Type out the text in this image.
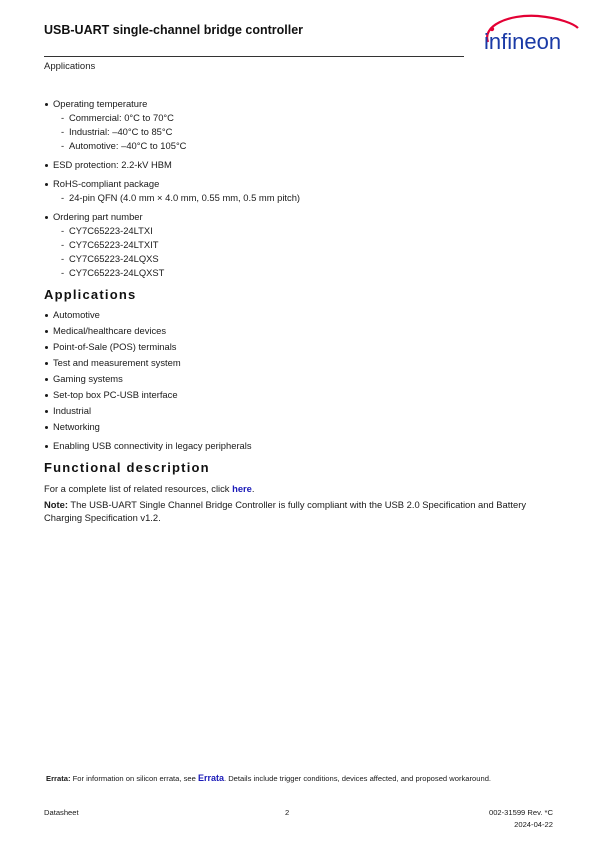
USB-UART single-channel bridge controller	infineon
Applications
Operating temperature
- Commercial: 0°C to 70°C
- Industrial: –40°C to 85°C
- Automotive: –40°C to 105°C
ESD protection: 2.2-kV HBM
RoHS-compliant package
- 24-pin QFN (4.0 mm × 4.0 mm, 0.55 mm, 0.5 mm pitch)
Ordering part number
- CY7C65223-24LTXI
- CY7C65223-24LTXIT
- CY7C65223-24LQXS
- CY7C65223-24LQXST
Applications
Automotive
Medical/healthcare devices
Point-of-Sale (POS) terminals
Test and measurement system
Gaming systems
Set-top box PC-USB interface
Industrial
Networking
Enabling USB connectivity in legacy peripherals
Functional description
For a complete list of related resources, click here.
Note: The USB-UART Single Channel Bridge Controller is fully compliant with the USB 2.0 Specification and Battery Charging Specification v1.2.
Errata: For information on silicon errata, see Errata. Details include trigger conditions, devices affected, and proposed workaround.
Datasheet	2	002-31599 Rev. *C
2024-04-22
